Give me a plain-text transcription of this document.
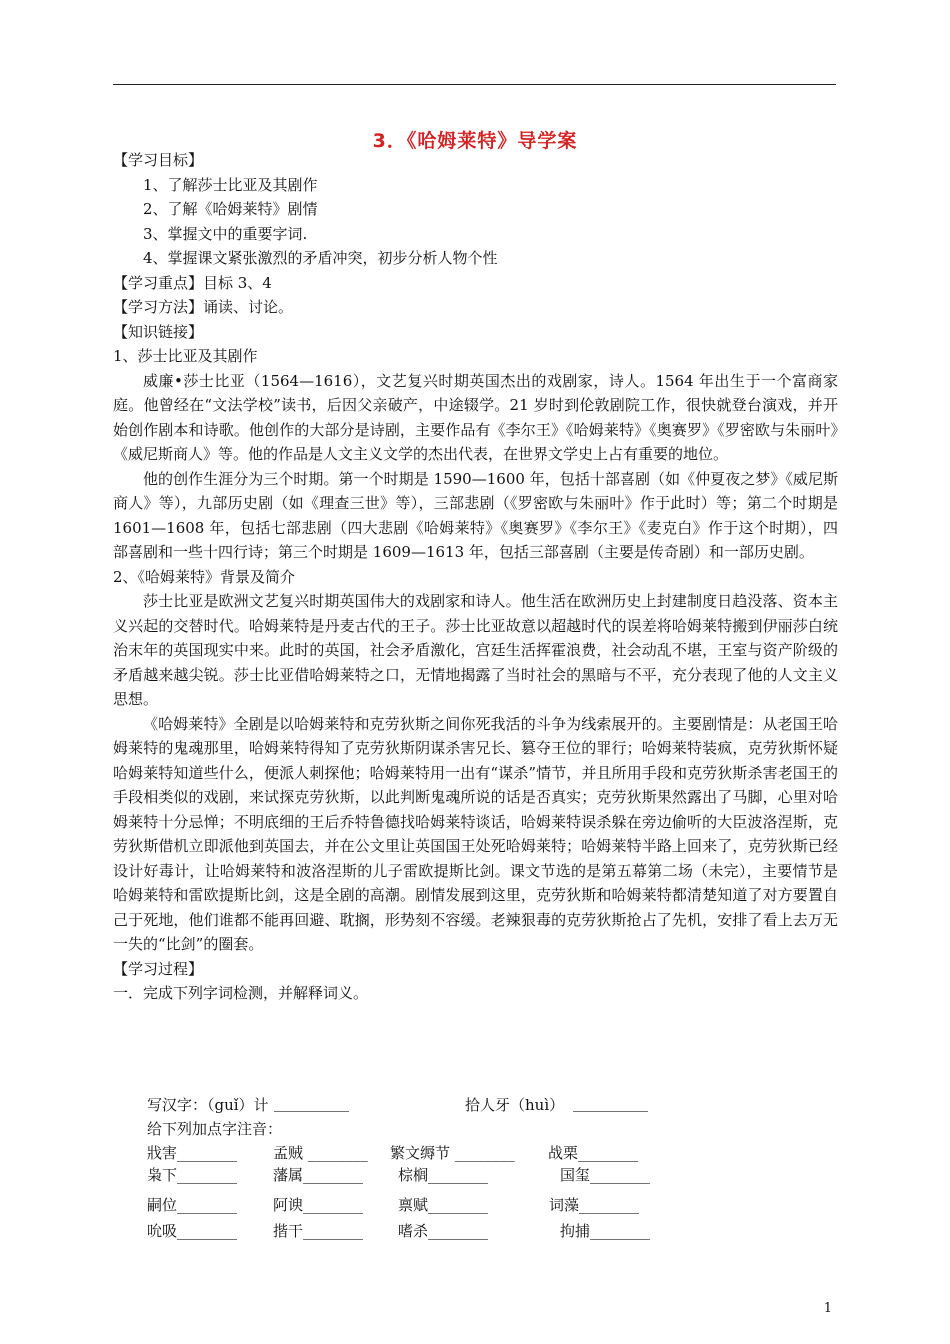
3．《哈姆莱特》导学案
【学习目标】
1、了解莎士比亚及其剧作
2、了解《哈姆莱特》剧情
3、掌握文中的重要字词.
4、掌握课文紧张激烈的矛盾冲突，初步分析人物个性
【学习重点】目标 3、4
【学习方法】诵读、讨论。
【知识链接】
1、莎士比亚及其剧作

威廉•莎士比亚（1564—1616），文艺复兴时期英国杰出的戏剧家，诗人。1564 年出生于一个富商家庭。他曾经在“文法学校”读书，后因父亲破产，中途辍学。21 岁时到伦敦剧院工作，很快就登台演戏，并开始创作剧本和诗歌。他创作的大部分是诗剧，主要作品有《李尔王》《哈姆莱特》《奥赛罗》《罗密欧与朱丽叶》《威尼斯商人》等。他的作品是人文主义文学的杰出代表，在世界文学史上占有重要的地位。

他的创作生涯分为三个时期。第一个时期是 1590—1600 年，包括十部喜剧（如《仲夏夜之梦》《威尼斯商人》等），九部历史剧（如《理查三世》等），三部悲剧（《罗密欧与朱丽叶》作于此时）等；第二个时期是 1601—1608 年，包括七部悲剧（四大悲剧《哈姆莱特》《奥赛罗》《李尔王》《麦克白》作于这个时期），四部喜剧和一些十四行诗；第三个时期是 1609—1613 年，包括三部喜剧（主要是传奇剧）和一部历史剧。

2、《哈姆莱特》背景及简介

莎士比亚是欧洲文艺复兴时期英国伟大的戏剧家和诗人。他生活在欧洲历史上封建制度日趋没落、资本主义兴起的交替时代。哈姆莱特是丹麦古代的王子。莎士比亚故意以超越时代的误差将哈姆莱特搬到伊丽莎白统治末年的英国现实中来。此时的英国，社会矛盾激化，宫廷生活挥霍浪费，社会动乱不堪，王室与资产阶级的矛盾越来越尖锐。莎士比亚借哈姆莱特之口，无情地揭露了当时社会的黑暗与不平，充分表现了他的人文主义思想。

《哈姆莱特》全剧是以哈姆莱特和克劳狄斯之间你死我活的斗争为线索展开的。主要剧情是：从老国王哈姆莱特的鬼魂那里，哈姆莱特得知了克劳狄斯阴谋杀害兄长、篡夺王位的罪行；哈姆莱特装疯，克劳狄斯怀疑哈姆莱特知道些什么，便派人刺探他；哈姆莱特用一出有“谋杀”情节，并且所用手段和克劳狄斯杀害老国王的手段相类似的戏剧，来试探克劳狄斯，以此判断鬼魂所说的话是否真实；克劳狄斯果然露出了马脚，心里对哈姆莱特十分忌惮；不明底细的王后乔特鲁德找哈姆莱特谈话，哈姆莱特误杀躲在旁边偷听的大臣波洛涅斯，克劳狄斯借机立即派他到英国去，并在公文里让英国国王处死哈姆莱特；哈姆莱特半路上回来了，克劳狄斯已经设计好毒计，让哈姆莱特和波洛涅斯的儿子雷欧提斯比剑。课文节选的是第五幕第二场（未完），主要情节是哈姆莱特和雷欧提斯比剑，这是全剧的高潮。剧情发展到这里，克劳狄斯和哈姆莱特都清楚知道了对方要置自己于死地，他们谁都不能再回避、耽搁，形势刻不容缓。老辣狠毒的克劳狄斯抢占了先机，安排了看上去万无一失的“比剑”的圈套。

【学习过程】
一．完成下列字词检测，并解释词义。
写汉字：（guǐ）计 __________	拾人牙（huì） __________
给下列加点字注音：
戕害________ 孟贼 ________ 繁文缛节 ________ 战栗________
枭下________ 藩属________ 棕榈________	国玺________
嗣位________ 阿谀________ 禀赋________	词藻________
吮吸________ 揩干________ 嗜杀________	拘捕________
1
